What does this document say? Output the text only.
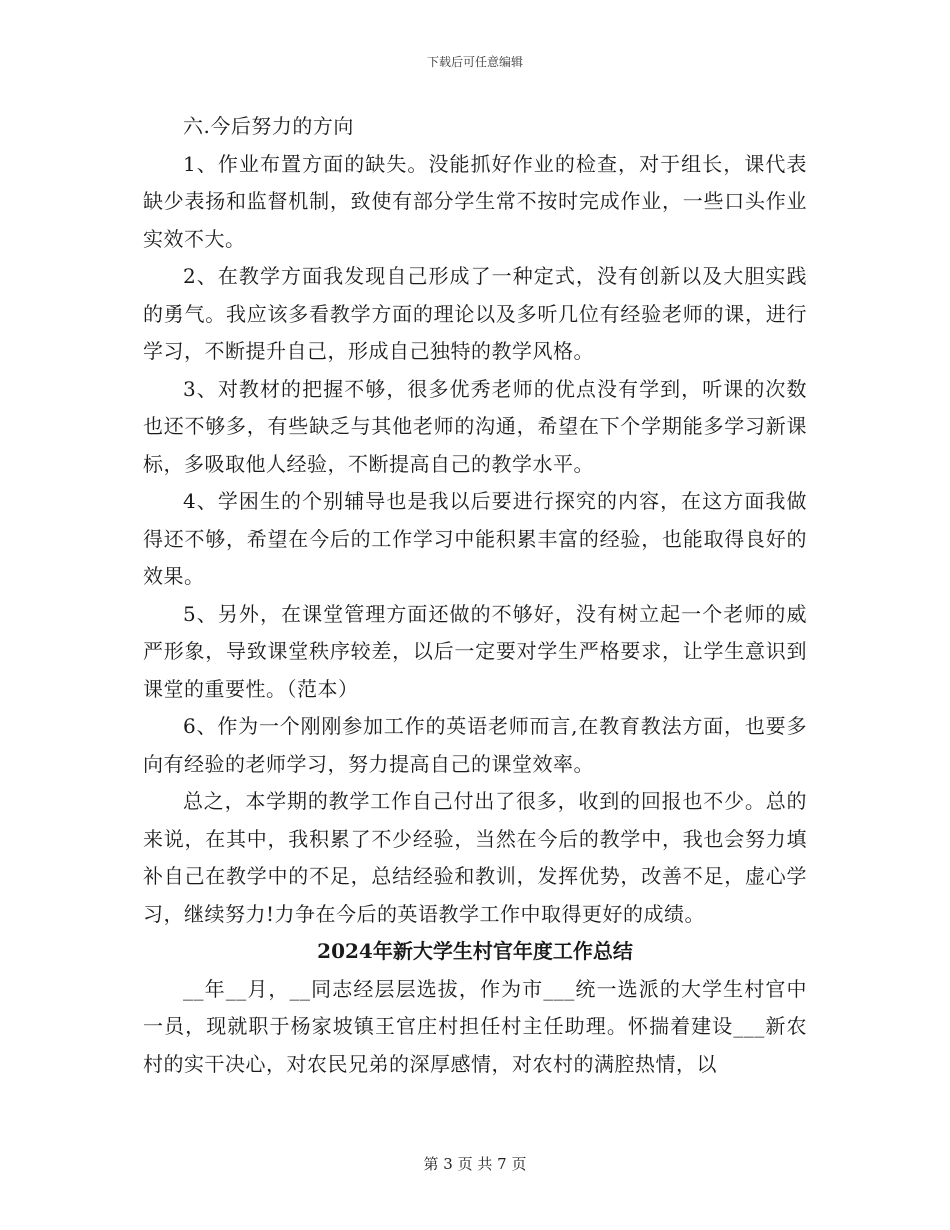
下载后可任意编辑

六.今后努力的方向

1、作业布置方面的缺失。没能抓好作业的检查，对于组长，课代表缺少表扬和监督机制，致使有部分学生常不按时完成作业，一些口头作业实效不大。

2、在教学方面我发现自己形成了一种定式，没有创新以及大胆实践的勇气。我应该多看教学方面的理论以及多听几位有经验老师的课，进行学习，不断提升自己，形成自己独特的教学风格。

3、对教材的把握不够，很多优秀老师的优点没有学到，听课的次数也还不够多，有些缺乏与其他老师的沟通，希望在下个学期能多学习新课标，多吸取他人经验，不断提高自己的教学水平。

4、学困生的个别辅导也是我以后要进行探究的内容，在这方面我做得还不够，希望在今后的工作学习中能积累丰富的经验，也能取得良好的效果。

5、另外，在课堂管理方面还做的不够好，没有树立起一个老师的威严形象，导致课堂秩序较差，以后一定要对学生严格要求，让学生意识到课堂的重要性。（范本）

6、作为一个刚刚参加工作的英语老师而言,在教育教法方面，也要多向有经验的老师学习，努力提高自己的课堂效率。

总之，本学期的教学工作自己付出了很多，收到的回报也不少。总的来说，在其中，我积累了不少经验，当然在今后的教学中，我也会努力填补自己在教学中的不足，总结经验和教训，发挥优势，改善不足，虚心学习，继续努力!力争在今后的英语教学工作中取得更好的成绩。

2024年新大学生村官年度工作总结

__年__月，__同志经层层选拔，作为市___统一选派的大学生村官中一员，现就职于杨家坡镇王官庄村担任村主任助理。怀揣着建设___新农村的实干决心，对农民兄弟的深厚感情，对农村的满腔热情，以

第 3 页 共 7 页
